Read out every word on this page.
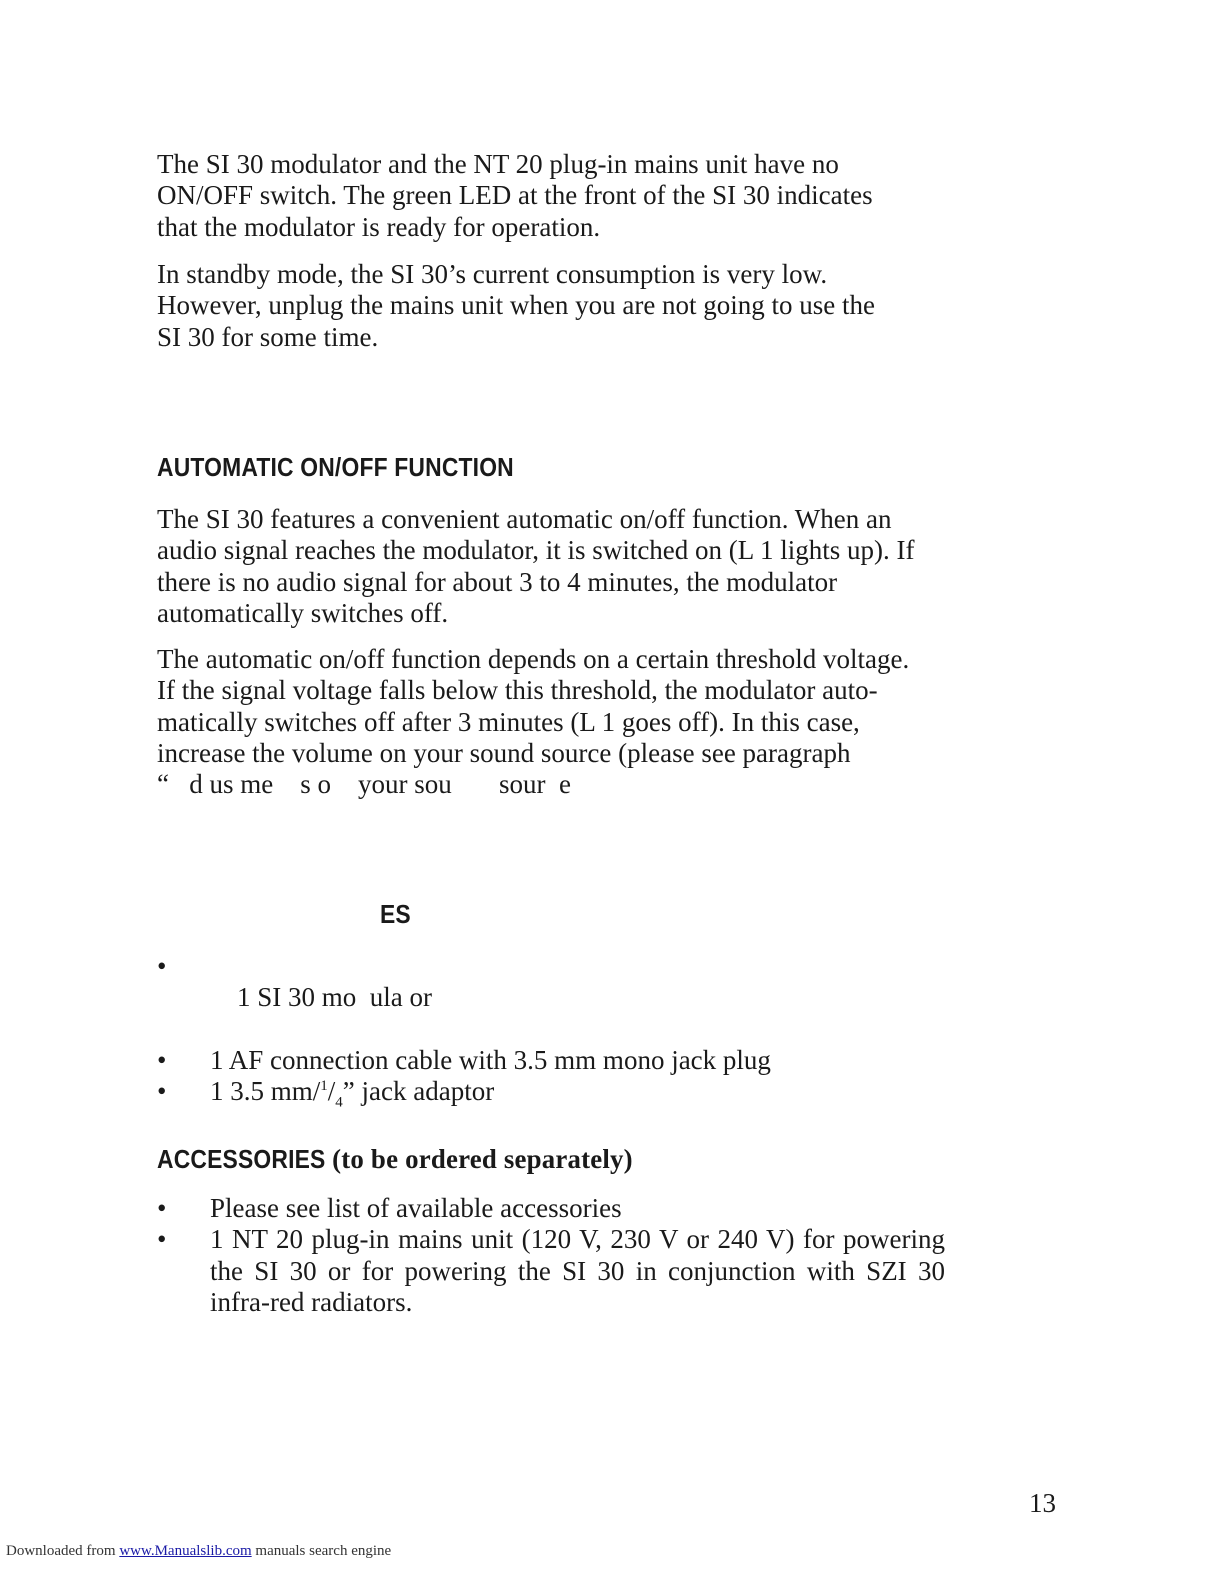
The SI 30 modulator and the NT 20 plug-in mains unit have no
ON/OFF switch. The green LED at the front of the SI 30 indicates
that the modulator is ready for operation.

In standby mode, the SI 30’s current consumption is very low.
However, unplug the mains unit when you are not going to use the
SI 30 for some time.

AUTOMATIC ON/OFF FUNCTION

The SI 30 features a convenient automatic on/off function. When an
audio signal reaches the modulator, it is switched on (L 1 lights up). If
there is no audio signal for about 3 to 4 minutes, the modulator
automatically switches off.

The automatic on/off function depends on a certain threshold voltage.
If the signal voltage falls below this threshold, the modulator auto-
matically switches off after 3 minutes (L 1 goes off). In this case,
increase the volume on your sound source (please see paragraph
“   d us me    s o    your sou       sour  e

ES

•
1 SI 30 mo  ula or

• 1 AF connection cable with 3.5 mm mono jack plug
• 1 3.5 $mm/^1/_4$” jack adaptor
ACCESSORIES (to be ordered separately)
• Please see list of available accessories
• 1 NT 20 plug-in mains unit (120 V, 230 V or 240 V) for powering the SI 30 or for powering the SI 30 in conjunction with SZI 30 infra-red radiators.
13
Downloaded from www.Manualslib.com manuals search engine
